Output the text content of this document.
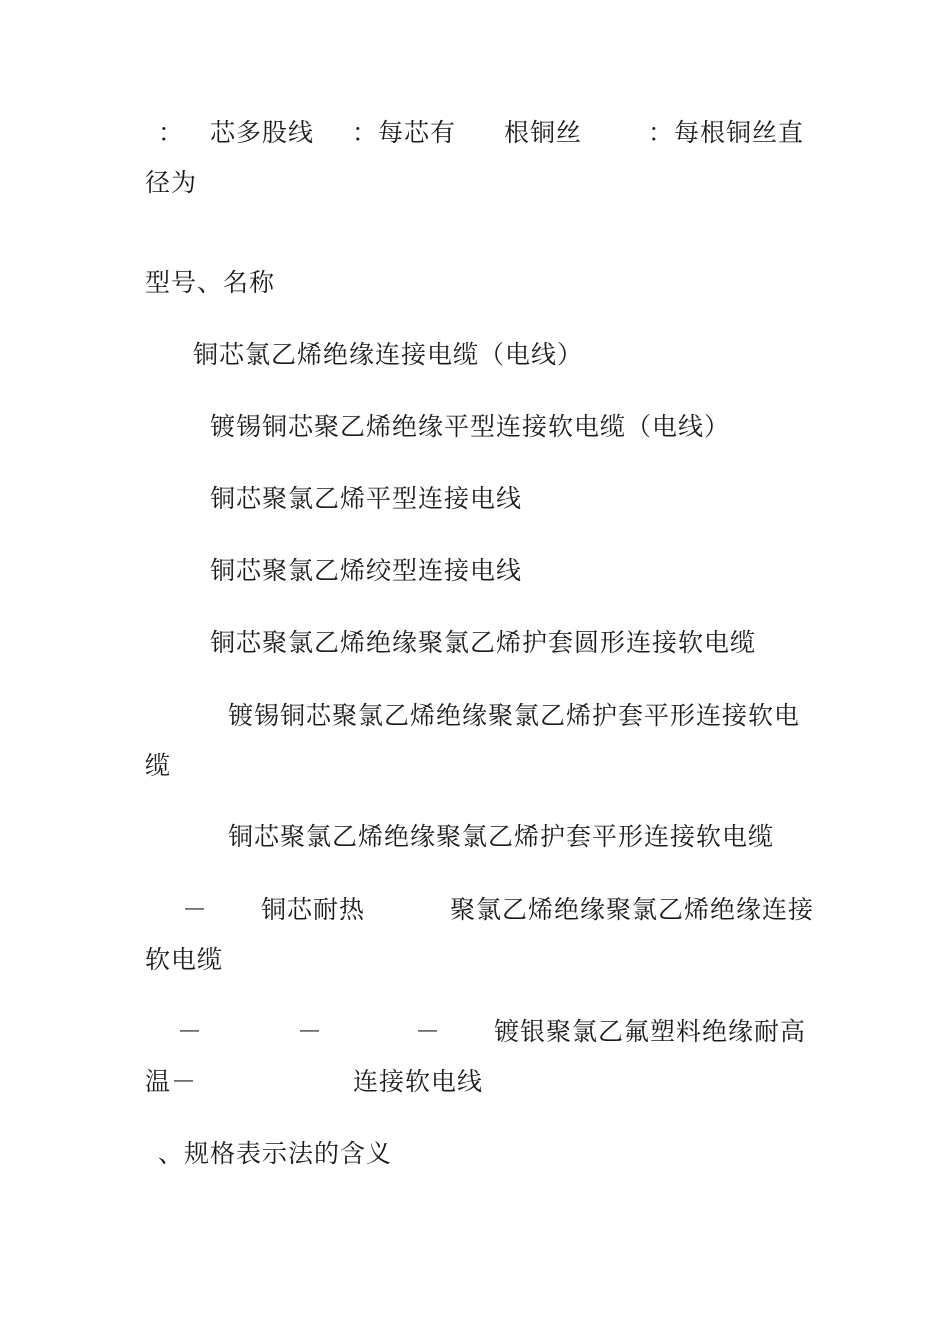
： 芯多股线 ：每芯有 根铜丝	：每根铜丝直
径为
型号、名称
铜芯氯乙烯绝缘连接电缆（电线）
镀锡铜芯聚乙烯绝缘平型连接软电缆（电线）
铜芯聚氯乙烯平型连接电线
铜芯聚氯乙烯绞型连接电线
铜芯聚氯乙烯绝缘聚氯乙烯护套圆形连接软电缆
镀锡铜芯聚氯乙烯绝缘聚氯乙烯护套平形连接软电
缆
铜芯聚氯乙烯绝缘聚氯乙烯护套平形连接软电缆
－ 铜芯耐热	聚氯乙烯绝缘聚氯乙烯绝缘连接
软电缆
－	－	－ 镀银聚氯乙氟塑料绝缘耐高
温－	连接软电线
、规格表示法的含义
